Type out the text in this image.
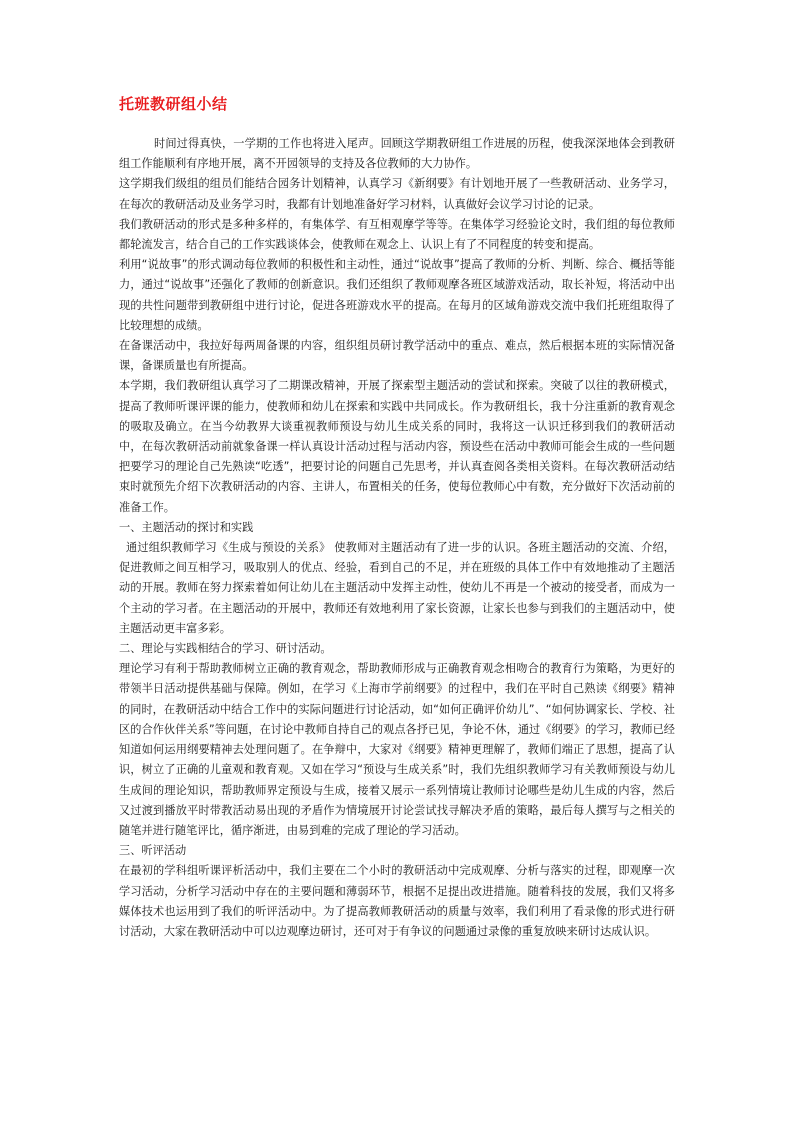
托班教研组小结

时间过得真快，一学期的工作也将进入尾声。回顾这学期教研组工作进展的历程，使我深深地体会到教研组工作能顺利有序地开展，离不开园领导的支持及各位教师的大力协作。

这学期我们级组的组员们能结合园务计划精神，认真学习《新纲要》有计划地开展了一些教研活动、业务学习，在每次的教研活动及业务学习时，我都有计划地准备好学习材料，认真做好会议学习讨论的记录。

我们教研活动的形式是多种多样的，有集体学、有互相观摩学等等。在集体学习经验论文时，我们组的每位教师都轮流发言，结合自己的工作实践谈体会，使教师在观念上、认识上有了不同程度的转变和提高。

利用“说故事”的形式调动每位教师的积极性和主动性，通过“说故事”提高了教师的分析、判断、综合、概括等能力，通过“说故事”还强化了教师的创新意识。我们还组织了教师观摩各班区域游戏活动，取长补短，将活动中出现的共性问题带到教研组中进行讨论，促进各班游戏水平的提高。在每月的区域角游戏交流中我们托班组取得了比较理想的成绩。

在备课活动中，我拉好每两周备课的内容，组织组员研讨教学活动中的重点、难点，然后根据本班的实际情况备课，备课质量也有所提高。

本学期，我们教研组认真学习了二期课改精神，开展了探索型主题活动的尝试和探索。突破了以往的教研模式，提高了教师听课评课的能力，使教师和幼儿在探索和实践中共同成长。作为教研组长，我十分注重新的教育观念的吸取及确立。在当今幼教界大谈重视教师预设与幼儿生成关系的同时，我将这一认识迁移到我们的教研活动中，在每次教研活动前就象备课一样认真设计活动过程与活动内容，预设些在活动中教师可能会生成的一些问题把要学习的理论自己先熟读“吃透”，把要讨论的问题自己先思考，并认真查阅各类相关资料。在每次教研活动结束时就预先介绍下次教研活动的内容、主讲人，布置相关的任务，使每位教师心中有数，充分做好下次活动前的准备工作。

一、主题活动的探讨和实践

通过组织教师学习《生成与预设的关系》 使教师对主题活动有了进一步的认识。各班主题活动的交流、介绍，促进教师之间互相学习，吸取别人的优点、经验，看到自己的不足，并在班级的具体工作中有效地推动了主题活动的开展。教师在努力探索着如何让幼儿在主题活动中发挥主动性，使幼儿不再是一个被动的接受者，而成为一个主动的学习者。在主题活动的开展中，教师还有效地利用了家长资源，让家长也参与到我们的主题活动中，使主题活动更丰富多彩。

二、理论与实践相结合的学习、研讨活动。

理论学习有利于帮助教师树立正确的教育观念，帮助教师形成与正确教育观念相吻合的教育行为策略，为更好的带领半日活动提供基础与保障。例如，在学习《上海市学前纲要》的过程中，我们在平时自己熟读《纲要》精神的同时，在教研活动中结合工作中的实际问题进行讨论活动，如“如何正确评价幼儿”、“如何协调家长、学校、社区的合作伙伴关系”等问题，在讨论中教师自持自己的观点各抒已见，争论不休，通过《纲要》的学习，教师已经知道如何运用纲要精神去处理问题了。在争辩中，大家对《纲要》精神更理解了，教师们端正了思想，提高了认识，树立了正确的儿童观和教育观。又如在学习“预设与生成关系”时，我们先组织教师学习有关教师预设与幼儿生成间的理论知识，帮助教师界定预设与生成，接着又展示一系列情境让教师讨论哪些是幼儿生成的内容，然后又过渡到播放平时带教活动易出现的矛盾作为情境展开讨论尝试找寻解决矛盾的策略，最后每人撰写与之相关的随笔并进行随笔评比，循序渐进，由易到难的完成了理论的学习活动。

三、听评活动

在最初的学科组听课评析活动中，我们主要在二个小时的教研活动中完成观摩、分析与落实的过程，即观摩一次学习活动，分析学习活动中存在的主要问题和薄弱环节，根据不足提出改进措施。随着科技的发展，我们又将多媒体技术也运用到了我们的听评活动中。为了提高教师教研活动的质量与效率，我们利用了看录像的形式进行研讨活动，大家在教研活动中可以边观摩边研讨，还可对于有争议的问题通过录像的重复放映来研讨达成认识。
